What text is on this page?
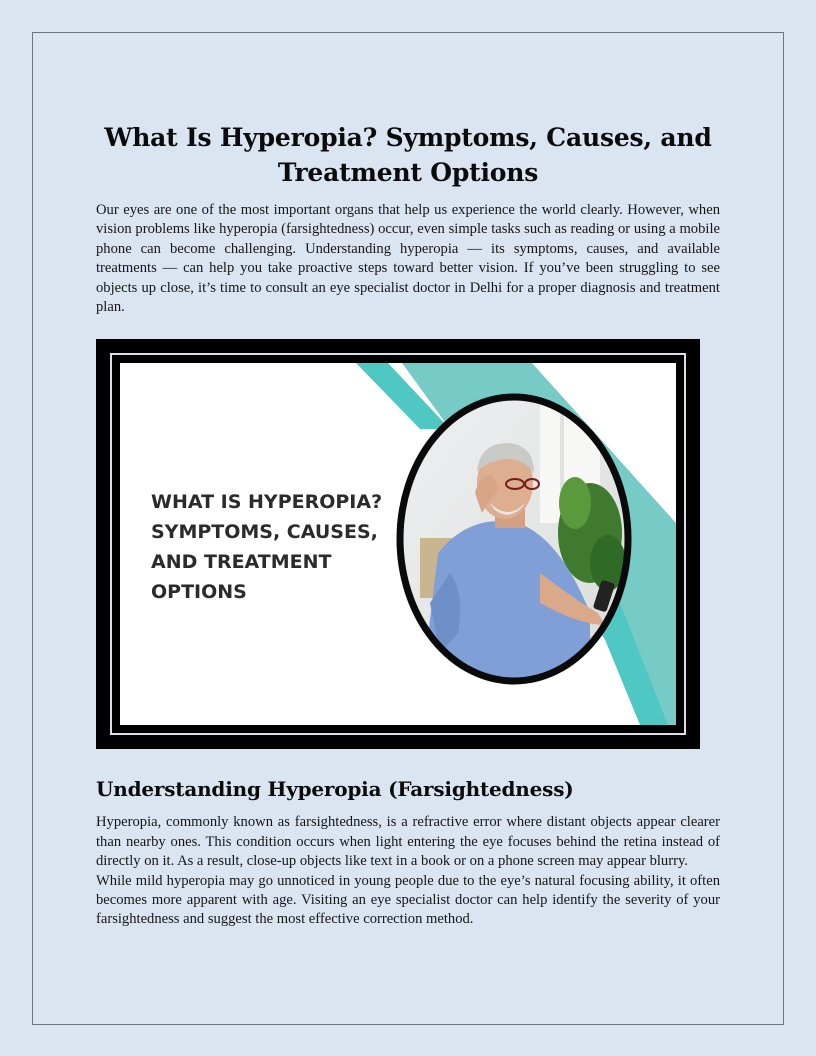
What Is Hyperopia? Symptoms, Causes, and Treatment Options

Our eyes are one of the most important organs that help us experience the world clearly. However, when vision problems like hyperopia (farsightedness) occur, even simple tasks such as reading or using a mobile phone can become challenging. Understanding hyperopia — its symptoms, causes, and available treatments — can help you take proactive steps toward better vision. If you’ve been struggling to see objects up close, it’s time to consult an eye specialist doctor in Delhi for a proper diagnosis and treatment plan.

WHAT IS HYPEROPIA?
SYMPTOMS, CAUSES,
AND TREATMENT
OPTIONS
Understanding Hyperopia (Farsightedness)

Hyperopia, commonly known as farsightedness, is a refractive error where distant objects appear clearer than nearby ones. This condition occurs when light entering the eye focuses behind the retina instead of directly on it. As a result, close-up objects like text in a book or on a phone screen may appear blurry.

While mild hyperopia may go unnoticed in young people due to the eye’s natural focusing ability, it often becomes more apparent with age. Visiting an eye specialist doctor can help identify the severity of your farsightedness and suggest the most effective correction method.
